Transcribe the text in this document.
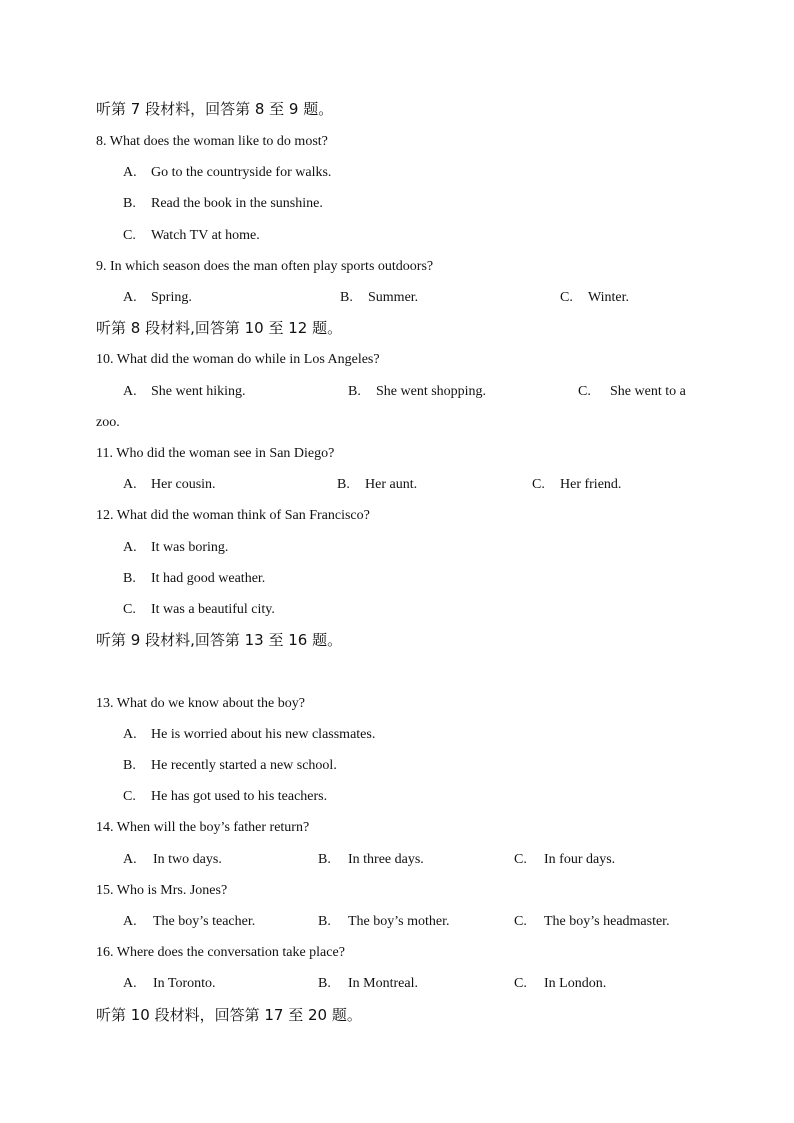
听第 7 段材料，回答第 8 至 9 题。
8. What does the woman like to do most?
A. Go to the countryside for walks.
B. Read the book in the sunshine.
C. Watch TV at home.
9. In which season does the man often play sports outdoors?
A. Spring.	B. Summer.	C. Winter.
听第 8 段材料,回答第 10 至 12 题。
10. What did the woman do while in Los Angeles?
A. She went hiking.	B. She went shopping.	C. She went to a
zoo.
11. Who did the woman see in San Diego?
A. Her cousin.	B. Her aunt.	C. Her friend.
12. What did the woman think of San Francisco?
A. It was boring.
B. It had good weather.
C. It was a beautiful city.
听第 9 段材料,回答第 13 至 16 题。
13. What do we know about the boy?
A. He is worried about his new classmates.
B. He recently started a new school.
C. He has got used to his teachers.
14. When will the boy’s father return?
A. In two days.	B. In three days.	C. In four days.
15. Who is Mrs. Jones?
A. The boy’s teacher.	B. The boy’s mother.	C. The boy’s headmaster.
16. Where does the conversation take place?
A. In Toronto.	B. In Montreal.	C. In London.
听第 10 段材料，回答第 17 至 20 题。
